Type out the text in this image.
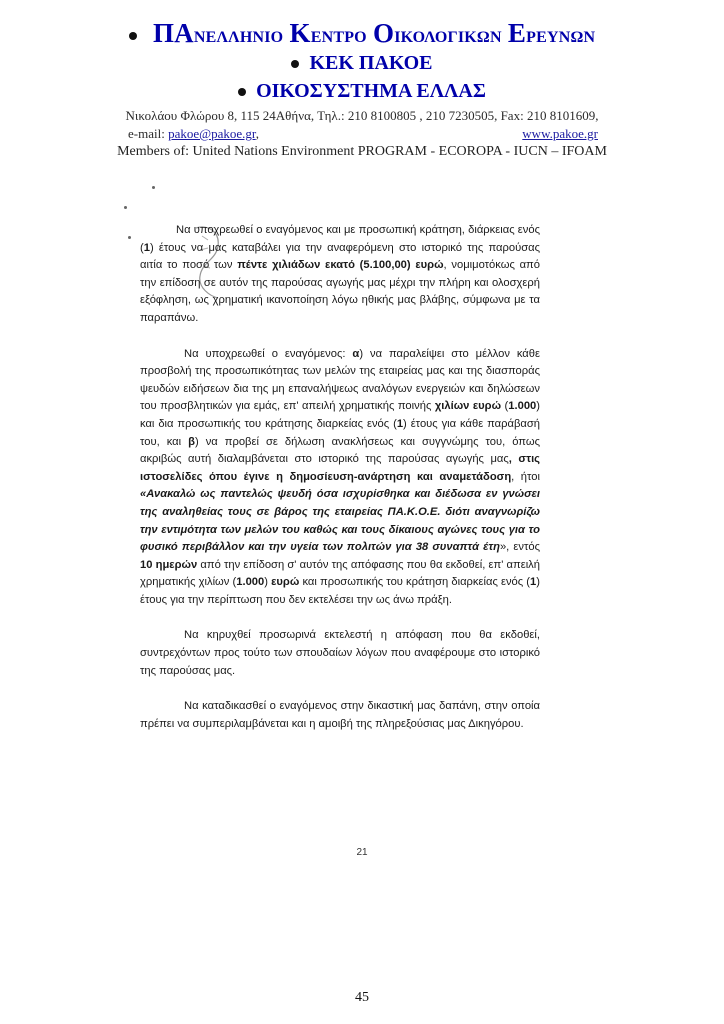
ΠΑΝΕΛΛΗΝΙΟ ΚΕΝΤΡΟ ΟΙΚΟΛΟΓΙΚΩΝ ΕΡΕΥΝΩΝ
ΚΕΚ ΠΑΚΟΕ
ΟΙΚΟΣΥΣΤΗΜΑ ΕΛΛΑΣ
Νικολάου Φλώρου 8, 115 24Αθήνα, Τηλ.: 210 8100805 , 210 7230505, Fax: 210 8101609,
e-mail: pakoe@pakoe.gr,	www.pakoe.gr
Members of: United Nations Environment PROGRAM - ECOROPA - IUCN – IFOAM

Να υποχρεωθεί ο εναγόμενος και με προσωπική κράτηση, διάρκειας ενός (1) έτους να μας καταβάλει για την αναφερόμενη στο ιστορικό της παρούσας αιτία το ποσό των πέντε χιλιάδων εκατό (5.100,00) ευρώ, νομιμοτόκως από την επίδοση σε αυτόν της παρούσας αγωγής μας μέχρι την πλήρη και ολοσχερή εξόφληση, ως χρηματική ικανοποίηση λόγω ηθικής μας βλάβης, σύμφωνα με τα παραπάνω.

Να υποχρεωθεί ο εναγόμενος: α) να παραλείψει στο μέλλον κάθε προσβολή της προσωπικότητας των μελών της εταιρείας μας και της διασποράς ψευδών ειδήσεων δια της μη επαναλήψεως αναλόγων ενεργειών και δηλώσεων του προσβλητικών για εμάς, επ' απειλή χρηματικής ποινής χιλίων ευρώ (1.000) και δια προσωπικής του κράτησης διαρκείας ενός (1) έτους για κάθε παράβασή του, και β) να προβεί σε δήλωση ανακλήσεως και συγγνώμης του, όπως ακριβώς αυτή διαλαμβάνεται στο ιστορικό της παρούσας αγωγής μας, στις ιστοσελίδες όπου έγινε η δημοσίευση-ανάρτηση και αναμετάδοση, ήτοι «Ανακαλώ ως παντελώς ψευδή όσα ισχυρίσθηκα και διέδωσα εν γνώσει της αναληθείας τους σε βάρος της εταιρείας ΠΑ.Κ.Ο.Ε. διότι αναγνωρίζω την εντιμότητα των μελών του καθώς και τους δίκαιους αγώνες τους για το φυσικό περιβάλλον και την υγεία των πολιτών για 38 συναπτά έτη», εντός 10 ημερών από την επίδοση σ' αυτόν της απόφασης που θα εκδοθεί, επ' απειλή χρηματικής χιλίων (1.000) ευρώ και προσωπικής του κράτηση διαρκείας ενός (1) έτους για την περίπτωση που δεν εκτελέσει την ως άνω πράξη.

Να κηρυχθεί προσωρινά εκτελεστή η απόφαση που θα εκδοθεί, συντρεχόντων προς τούτο των σπουδαίων λόγων που αναφέρουμε στο ιστορικό της παρούσας μας.

Να καταδικασθεί ο εναγόμενος στην δικαστική μας δαπάνη, στην οποία πρέπει να συμπεριλαμβάνεται και η αμοιβή της πληρεξούσιας μας Δικηγόρου.

21
45
